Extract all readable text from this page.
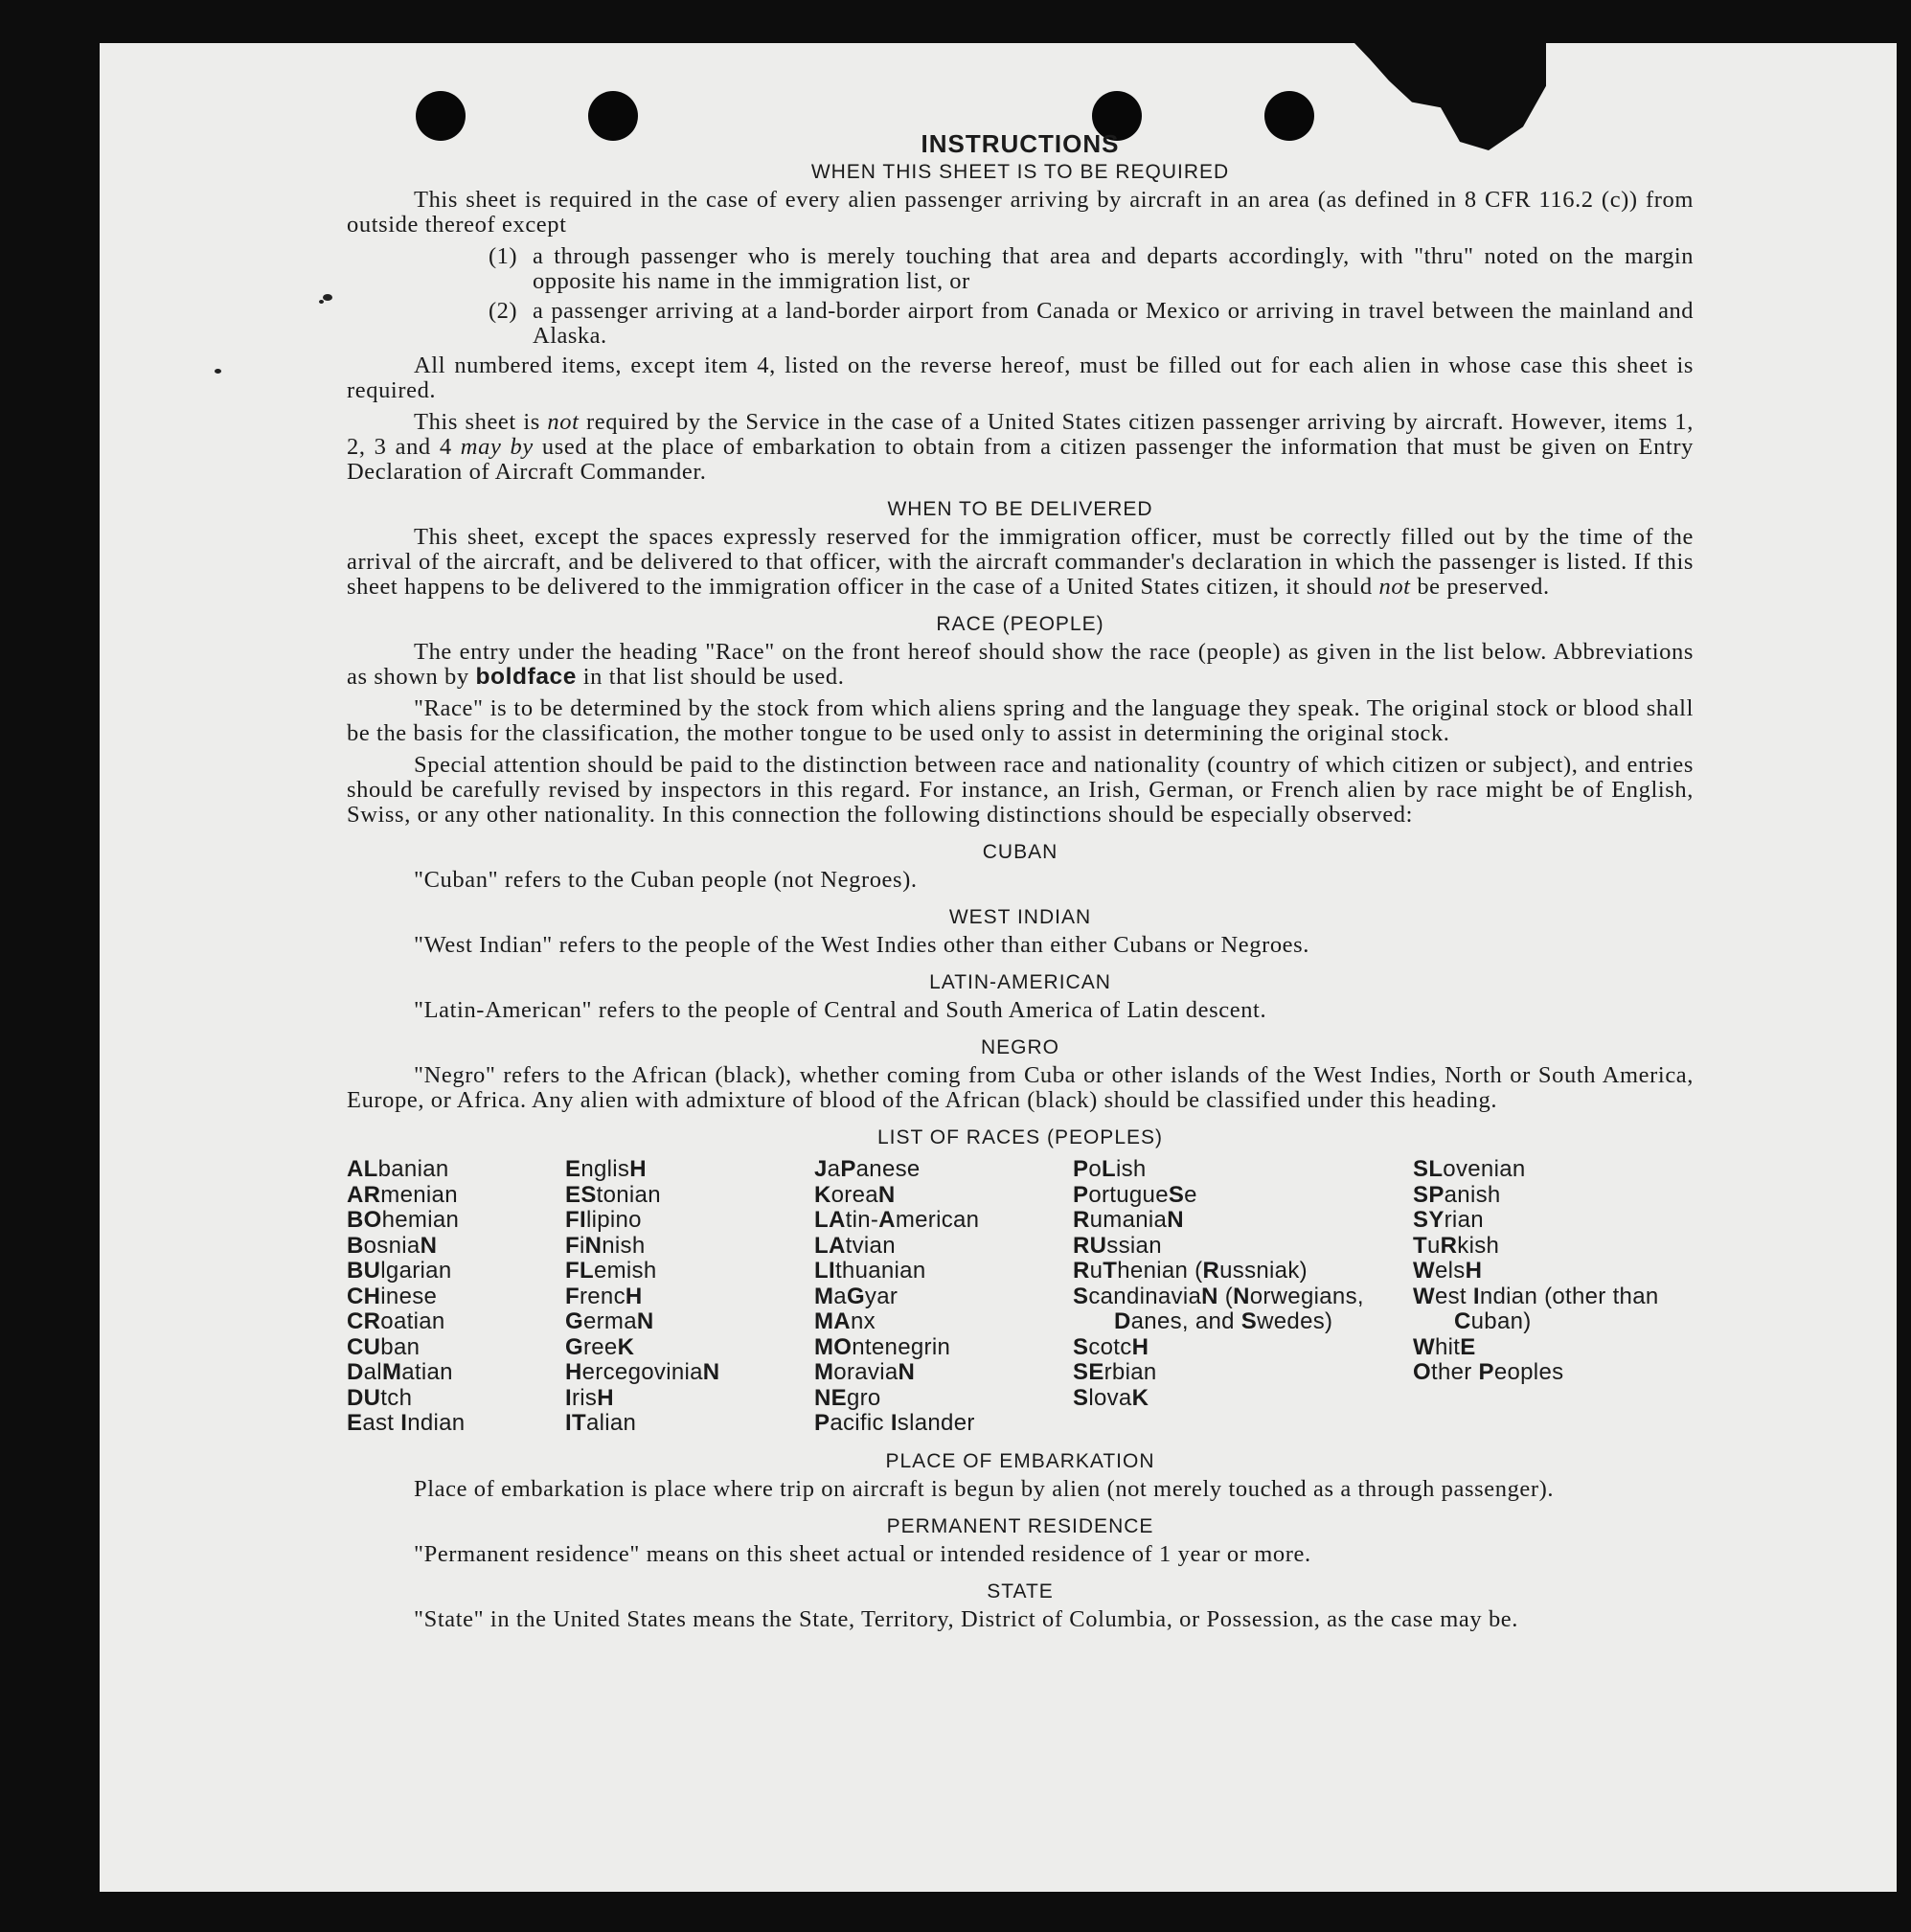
INSTRUCTIONS
WHEN THIS SHEET IS TO BE REQUIRED

This sheet is required in the case of every alien passenger arriving by aircraft in an area (as defined in 8 CFR 116.2 (c)) from outside thereof except

(1) a through passenger who is merely touching that area and departs accordingly, with "thru" noted on the margin opposite his name in the immigration list, or
(2) a passenger arriving at a land-border airport from Canada or Mexico or arriving in travel between the mainland and Alaska.

All numbered items, except item 4, listed on the reverse hereof, must be filled out for each alien in whose case this sheet is required.

This sheet is not required by the Service in the case of a United States citizen passenger arriving by aircraft. However, items 1, 2, 3 and 4 may by used at the place of embarkation to obtain from a citizen passenger the information that must be given on Entry Declaration of Aircraft Commander.

WHEN TO BE DELIVERED

This sheet, except the spaces expressly reserved for the immigration officer, must be correctly filled out by the time of the arrival of the aircraft, and be delivered to that officer, with the aircraft commander's declaration in which the passenger is listed. If this sheet happens to be delivered to the immigration officer in the case of a United States citizen, it should not be preserved.

RACE (PEOPLE)

The entry under the heading "Race" on the front hereof should show the race (people) as given in the list below. Abbreviations as shown by boldface in that list should be used.

"Race" is to be determined by the stock from which aliens spring and the language they speak. The original stock or blood shall be the basis for the classification, the mother tongue to be used only to assist in determining the original stock.

Special attention should be paid to the distinction between race and nationality (country of which citizen or subject), and entries should be carefully revised by inspectors in this regard. For instance, an Irish, German, or French alien by race might be of English, Swiss, or any other nationality. In this connection the following distinctions should be especially observed:

CUBAN

"Cuban" refers to the Cuban people (not Negroes).

WEST INDIAN

"West Indian" refers to the people of the West Indies other than either Cubans or Negroes.

LATIN-AMERICAN

"Latin-American" refers to the people of Central and South America of Latin descent.

NEGRO

"Negro" refers to the African (black), whether coming from Cuba or other islands of the West Indies, North or South America, Europe, or Africa. Any alien with admixture of blood of the African (black) should be classified under this heading.

LIST OF RACES (PEOPLES)
ALbanian
ARmenian
BOhemian
BosniaN
BUlgarian
CHinese
CRoatian
CUban
DalMatian
DUtch
East Indian
EnglisH
EStonian
FIlipino
FiNnish
FLemish
FrencH
GermaN
GreeK
HercegoviniaN
IrisH
ITalian
JaPanese
KoreaN
LAtin-American
LAtvian
LIthuanian
MaGyar
MAnx
MOntenegrin
MoraviaN
NEgro
Pacific Islander
PoLish
PortugueSe
RumaniaN
RUssian
RuThenian (Russniak)
ScandinaviaN (Norwegians, Danes, and Swedes)
ScotcH
SErbian
SlovaK
SLovenian
SPanish
SYrian
TuRkish
WelsH
West Indian (other than Cuban)
WhitE
Other Peoples
PLACE OF EMBARKATION

Place of embarkation is place where trip on aircraft is begun by alien (not merely touched as a through passenger).

PERMANENT RESIDENCE

"Permanent residence" means on this sheet actual or intended residence of 1 year or more.

STATE

"State" in the United States means the State, Territory, District of Columbia, or Possession, as the case may be.
